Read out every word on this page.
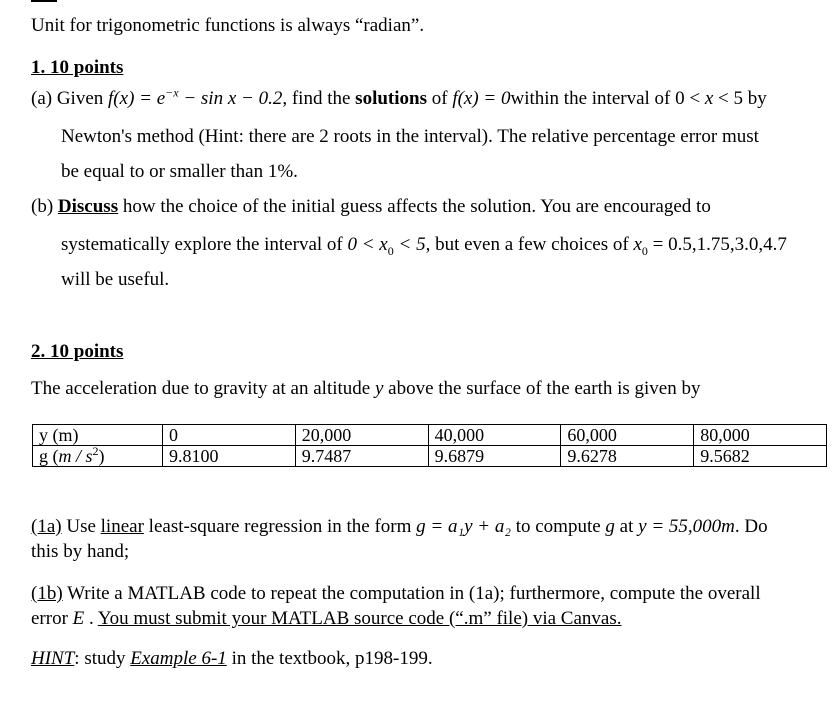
Unit for trigonometric functions is always “radian”.
1. 10 points
(a) Given $f(x) = e^{-x} - \sin x - 0.2$, find the solutions of f(x) = 0within the interval of 0 < x < 5 by
Newton's method (Hint: there are 2 roots in the interval). The relative percentage error must
be equal to or smaller than 1%.
(b) Discuss how the choice of the initial guess affects the solution. You are encouraged to
systematically explore the interval of $0 < x_0 < 5$, but even a few choices of $x_0 = 0.5,1.75,3.0,4.7$
will be useful.
2. 10 points
The acceleration due to gravity at an altitude y above the surface of the earth is given by
y (m)	0	20,000	40,000	60,000	80,000
g $(m / s^2)$	9.8100	9.7487	9.6879	9.6278	9.5682
(1a) Use linear least-square regression in the form g = a₁y + a₂ to compute g at y = 55,000m. Do
this by hand;
(1b) Write a MATLAB code to repeat the computation in (1a); furthermore, compute the overall
error E . You must submit your MATLAB source code (“.m” file) via Canvas.
HINT: study Example 6-1 in the textbook, p198-199.
